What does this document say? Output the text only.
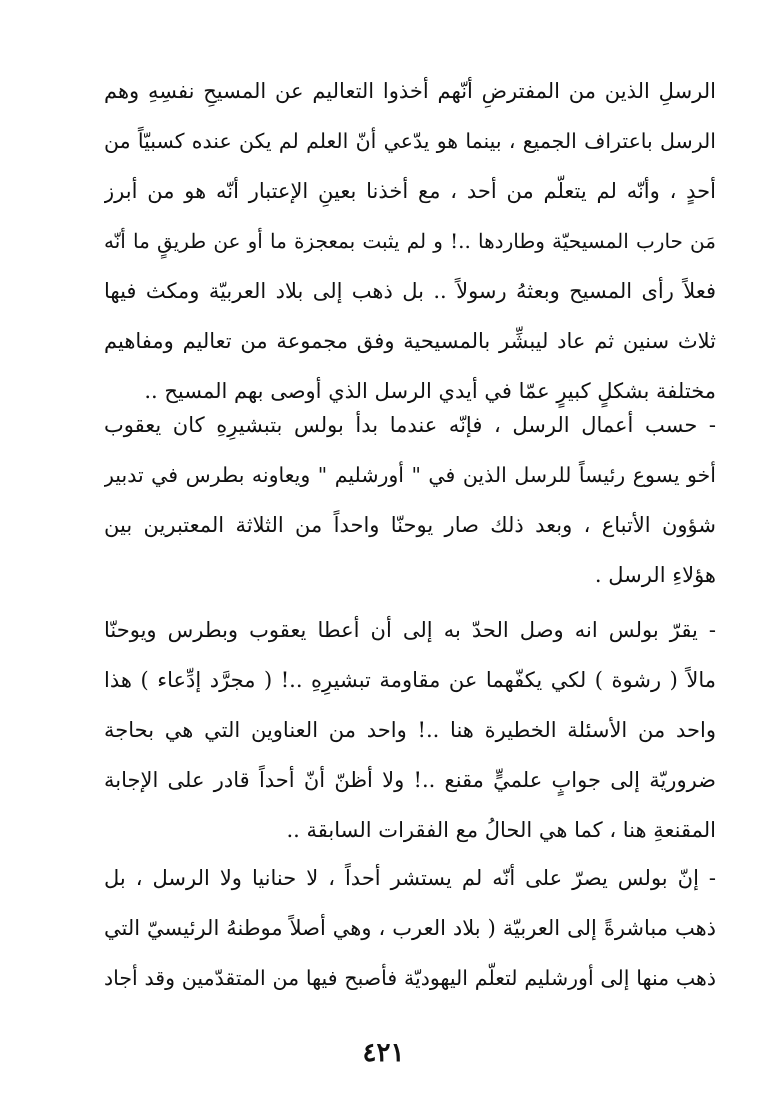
الرسلِ الذين من المفترضِ أنّهم أخذوا التعاليم عن المسيحِ نفسِهِ وهم
الرسل باعتراف الجميع ، بينما هو يدّعي أنّ العلم لم يكن عنده كسبيّاً من
أحدٍ ، وأنّه لم يتعلّم من أحد ، مع أخذنا بعينِ الإعتبار أنّه هو من أبرز
مَن حارب المسيحيّة وطاردها ..! و لم يثبت بمعجزة ما أو عن طريقٍ ما أنّه
فعلاً رأى المسيح وبعثهُ رسولاً .. بل ذهب إلى بلاد العربيّة ومكث فيها
ثلاث سنين ثم عاد ليبشِّر بالمسيحية وفق مجموعة من تعاليم ومفاهيم
مختلفة بشكلٍ كبيرٍ عمّا في أيدي الرسل الذي أوصى بهم المسيح ..
- حسب أعمال الرسل ، فإنّه عندما بدأ بولس بتبشيرِهِ كان يعقوب
أخو يسوع رئيساً للرسل الذين في " أورشليم " ويعاونه بطرس في تدبير
شؤون الأتباع ، وبعد ذلك صار يوحنّا واحداً من الثلاثة المعتبرين بين
هؤلاءِ الرسل .
- يقرّ بولس انه وصل الحدّ به إلى أن أعطا يعقوب وبطرس ويوحنّا
مالاً ( رشوة ) لكي يكفّهما عن مقاومة تبشيرِهِ ..! ( مجرَّد إدِّعاء ) هذا
واحد من الأسئلة الخطيرة هنا ..! واحد من العناوين التي هي بحاجة
ضروريّة إلى جوابٍ علميٍّ مقنع ..! ولا أظنّ أنّ أحداً قادر على الإجابة
المقنعةِ هنا ، كما هي الحالُ مع الفقرات السابقة ..
- إنّ بولس يصرّ على أنّه لم يستشر أحداً ، لا حنانيا ولا الرسل ، بل
ذهب مباشرةً إلى العربيّة ( بلاد العرب ، وهي أصلاً موطنهُ الرئيسيّ التي
ذهب منها إلى أورشليم لتعلّم اليهوديّة فأصبح فيها من المتقدّمين وقد أجاد
٤٢١
